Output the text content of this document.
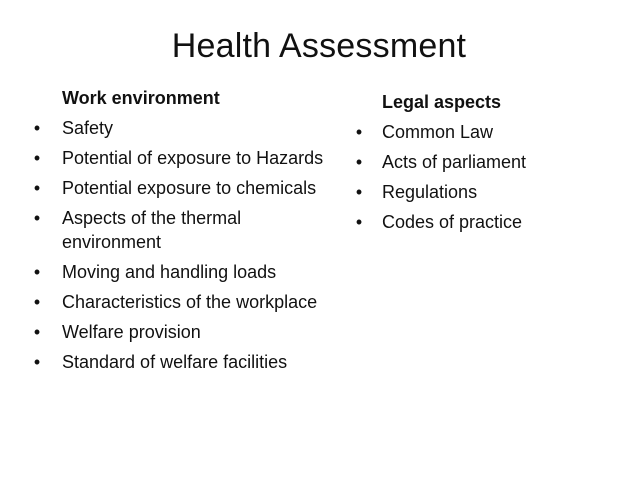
Health Assessment
Work environment
• Safety
• Potential of exposure to Hazards
• Potential exposure to chemicals
• Aspects of the thermal environment
• Moving and handling loads
• Characteristics of the workplace
• Welfare provision
• Standard of welfare facilities
Legal aspects
• Common Law
• Acts of parliament
• Regulations
• Codes of practice
